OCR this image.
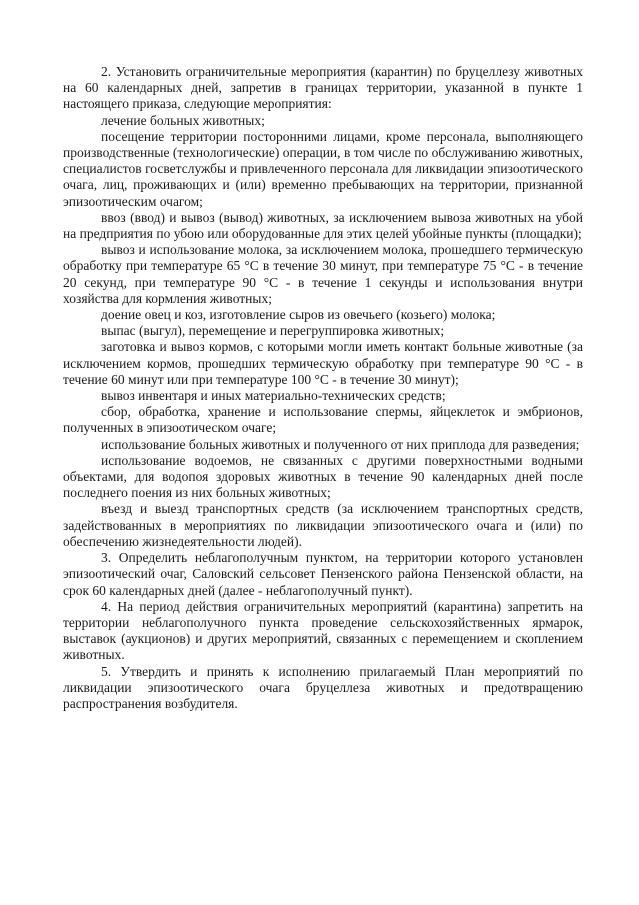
2. Установить ограничительные мероприятия (карантин) по бруцеллезу животных на 60 календарных дней, запретив в границах территории, указанной в пункте 1 настоящего приказа, следующие мероприятия:

лечение больных животных;

посещение территории посторонними лицами, кроме персонала, выполняющего производственные (технологические) операции, в том числе по обслуживанию животных, специалистов госветслужбы и привлеченного персонала для ликвидации эпизоотического очага, лиц, проживающих и (или) временно пребывающих на территории, признанной эпизоотическим очагом;

ввоз (ввод) и вывоз (вывод) животных, за исключением вывоза животных на убой на предприятия по убою или оборудованные для этих целей убойные пункты (площадки);

вывоз и использование молока, за исключением молока, прошедшего термическую обработку при температуре 65 °С в течение 30 минут, при температуре 75 °С - в течение 20 секунд, при температуре 90 °С - в течение 1 секунды и использования внутри хозяйства для кормления животных;

доение овец и коз, изготовление сыров из овечьего (козьего) молока;

выпас (выгул), перемещение и перегруппировка животных;

заготовка и вывоз кормов, с которыми могли иметь контакт больные животные (за исключением кормов, прошедших термическую обработку при температуре 90 °С - в течение 60 минут или при температуре 100 °С - в течение 30 минут);

вывоз инвентаря и иных материально-технических средств;

сбор, обработка, хранение и использование спермы, яйцеклеток и эмбрионов, полученных в эпизоотическом очаге;

использование больных животных и полученного от них приплода для разведения;

использование водоемов, не связанных с другими поверхностными водными объектами, для водопоя здоровых животных в течение 90 календарных дней после последнего поения из них больных животных;

въезд и выезд транспортных средств (за исключением транспортных средств, задействованных в мероприятиях по ликвидации эпизоотического очага и (или) по обеспечению жизнедеятельности людей).

3. Определить неблагополучным пунктом, на территории которого установлен эпизоотический очаг, Саловский сельсовет Пензенского района Пензенской области, на срок 60 календарных дней (далее - неблагополучный пункт).

4. На период действия ограничительных мероприятий (карантина) запретить на территории неблагополучного пункта проведение сельскохозяйственных ярмарок, выставок (аукционов) и других мероприятий, связанных с перемещением и скоплением животных.

5. Утвердить и принять к исполнению прилагаемый План мероприятий по ликвидации эпизоотического очага бруцеллеза животных и предотвращению распространения возбудителя.
